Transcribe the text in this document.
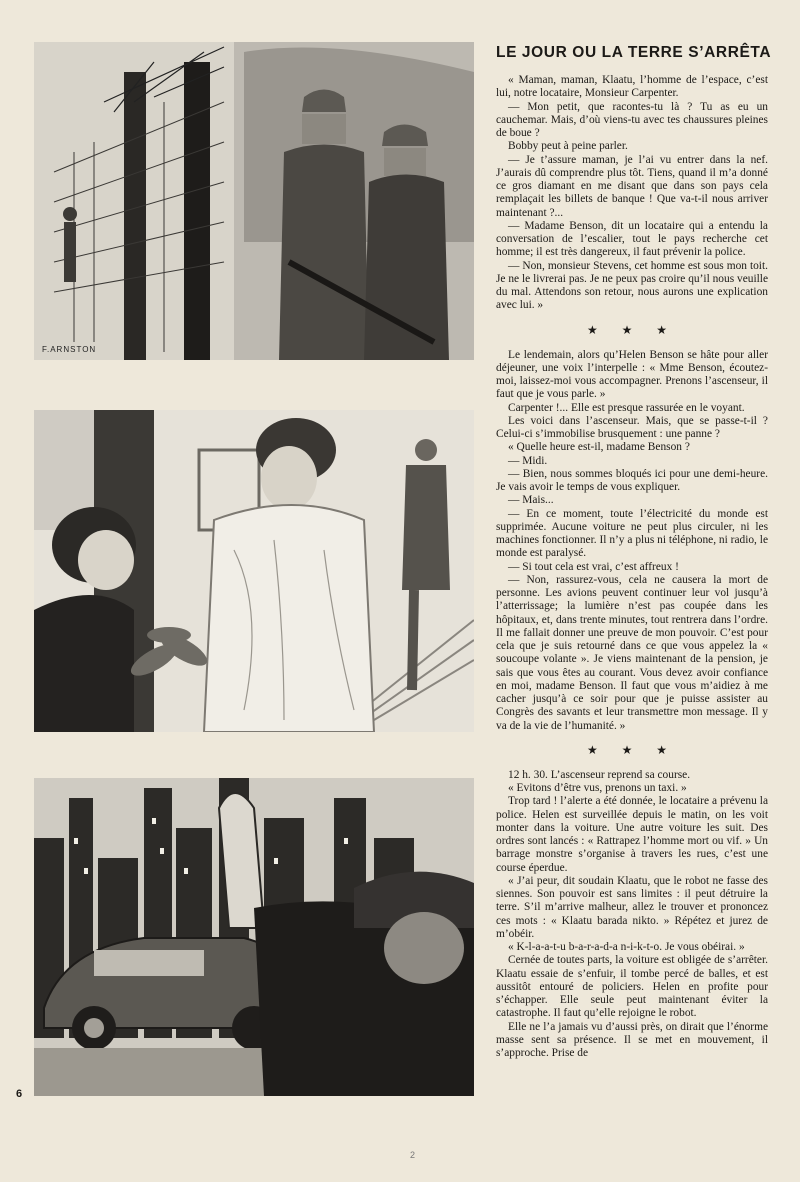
F.ARNSTON
LE JOUR OU LA TERRE S’ARRÊTA

« Maman, maman, Klaatu, l’homme de l’espace, c’est lui, notre locataire, Monsieur Carpenter.

— Mon petit, que racontes-tu là ? Tu as eu un cauchemar. Mais, d’où viens-tu avec tes chaussures pleines de boue ?

Bobby peut à peine parler.

— Je t’assure maman, je l’ai vu entrer dans la nef. J’aurais dû comprendre plus tôt. Tiens, quand il m’a donné ce gros diamant en me disant que dans son pays cela remplaçait les billets de banque ! Que va-t-il nous arriver maintenant ?...

— Madame Benson, dit un locataire qui a entendu la conversation de l’escalier, tout le pays recherche cet homme; il est très dangereux, il faut prévenir la police.

— Non, monsieur Stevens, cet homme est sous mon toit. Je ne le livrerai pas. Je ne peux pas croire qu’il nous veuille du mal. Attendons son retour, nous aurons une explication avec lui. »

★ ★ ★

Le lendemain, alors qu’Helen Benson se hâte pour aller déjeuner, une voix l’interpelle : « Mme Benson, écoutez-moi, laissez-moi vous accompagner. Prenons l’ascenseur, il faut que je vous parle. »

Carpenter !... Elle est presque rassurée en le voyant.

Les voici dans l’ascenseur. Mais, que se passe-t-il ? Celui-ci s’immobilise brusquement : une panne ?

« Quelle heure est-il, madame Benson ?

— Midi.

— Bien, nous sommes bloqués ici pour une demi-heure. Je vais avoir le temps de vous expliquer.

— Mais...

— En ce moment, toute l’électricité du monde est supprimée. Aucune voiture ne peut plus circuler, ni les machines fonctionner. Il n’y a plus ni téléphone, ni radio, le monde est paralysé.

— Si tout cela est vrai, c’est affreux !

— Non, rassurez-vous, cela ne causera la mort de personne. Les avions peuvent continuer leur vol jusqu’à l’atterrissage; la lumière n’est pas coupée dans les hôpitaux, et, dans trente minutes, tout rentrera dans l’ordre. Il me fallait donner une preuve de mon pouvoir. C’est pour cela que je suis retourné dans ce que vous appelez la « soucoupe volante ». Je viens maintenant de la pension, je sais que vous êtes au courant. Vous devez avoir confiance en moi, madame Benson. Il faut que vous m’aidiez à me cacher jusqu’à ce soir pour que je puisse assister au Congrès des savants et leur transmettre mon message. Il y va de la vie de l’humanité. »

★ ★ ★

12 h. 30. L’ascenseur reprend sa course.

« Evitons d’être vus, prenons un taxi. »

Trop tard ! l’alerte a été donnée, le locataire a prévenu la police. Helen est surveillée depuis le matin, on les voit monter dans la voiture. Une autre voiture les suit. Des ordres sont lancés : « Rattrapez l’homme mort ou vif. » Un barrage monstre s’organise à travers les rues, c’est une course éperdue.

« J’ai peur, dit soudain Klaatu, que le robot ne fasse des siennes. Son pouvoir est sans limites : il peut détruire la terre. S’il m’arrive malheur, allez le trouver et prononcez ces mots : « Klaatu barada nikto. » Répétez et jurez de m’obéir.

« K-l-a-a-t-u b-a-r-a-d-a n-i-k-t-o. Je vous obéirai. »

Cernée de toutes parts, la voiture est obligée de s’arrêter. Klaatu essaie de s’enfuir, il tombe percé de balles, et est aussitôt entouré de policiers. Helen en profite pour s’échapper. Elle seule peut maintenant éviter la catastrophe. Il faut qu’elle rejoigne le robot.

Elle ne l’a jamais vu d’aussi près, on dirait que l’énorme masse sent sa présence. Il se met en mouvement, il s’approche. Prise de

6
2
